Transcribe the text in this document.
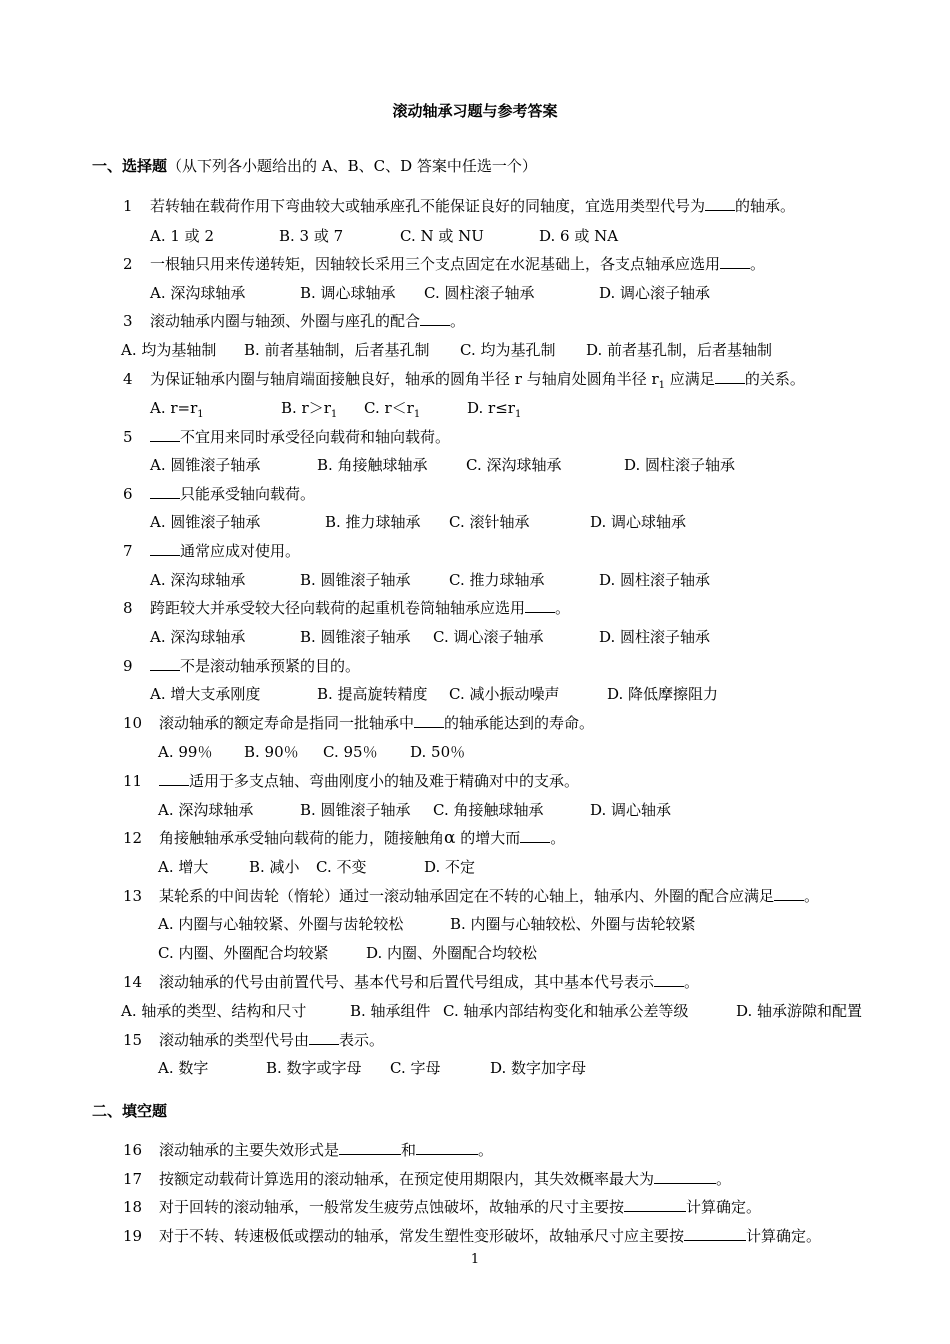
滚动轴承习题与参考答案
一、选择题（从下列各小题给出的 A、B、C、D 答案中任选一个）
1 若转轴在载荷作用下弯曲较大或轴承座孔不能保证良好的同轴度，宜选用类型代号为 的轴承。
A. 1 或 2	B. 3 或 7	C. N 或 NU	D. 6 或 NA
2 一根轴只用来传递转矩，因轴较长采用三个支点固定在水泥基础上，各支点轴承应选用 。
A. 深沟球轴承	B. 调心球轴承 C. 圆柱滚子轴承	D. 调心滚子轴承
3 滚动轴承内圈与轴颈、外圈与座孔的配合 。
A. 均为基轴制 B. 前者基轴制，后者基孔制 C. 均为基孔制 D. 前者基孔制，后者基轴制
4 为保证轴承内圈与轴肩端面接触良好，轴承的圆角半径 r 与轴肩处圆角半径 $r_1$ 应满足 的关系。
A. $r=r_1$	B. $r>r_1$ C. $r<r_1$	D. $r\le r_1$
5	不宜用来同时承受径向载荷和轴向载荷。
A. 圆锥滚子轴承	B. 角接触球轴承	C. 深沟球轴承	D. 圆柱滚子轴承
6	只能承受轴向载荷。
A. 圆锥滚子轴承	B. 推力球轴承 C. 滚针轴承	D. 调心球轴承
7	通常应成对使用。
A. 深沟球轴承	B. 圆锥滚子轴承	C. 推力球轴承	D. 圆柱滚子轴承
8 跨距较大并承受较大径向载荷的起重机卷筒轴轴承应选用 。
A. 深沟球轴承	B. 圆锥滚子轴承 C. 调心滚子轴承	D. 圆柱滚子轴承
9	不是滚动轴承预紧的目的。
A. 增大支承刚度	B. 提高旋转精度 C. 减小振动噪声	D. 降低摩擦阻力
10 滚动轴承的额定寿命是指同一批轴承中 的轴承能达到的寿命。
A. 99％ B. 90％ C. 95％ D. 50％
11	适用于多支点轴、弯曲刚度小的轴及难于精确对中的支承。
A. 深沟球轴承	B. 圆锥滚子轴承 C. 角接触球轴承	D. 调心轴承
12 角接触轴承承受轴向载荷的能力，随接触角α 的增大而 。
A. 增大	B. 减小 C. 不变	D. 不定
13 某轮系的中间齿轮（惰轮）通过一滚动轴承固定在不转的心轴上，轴承内、外圈的配合应满足 。
A. 内圈与心轴较紧、外圈与齿轮较松	B. 内圈与心轴较松、外圈与齿轮较紧
C. 内圈、外圈配合均较紧	D. 内圈、外圈配合均较松
14 滚动轴承的代号由前置代号、基本代号和后置代号组成，其中基本代号表示 。
A. 轴承的类型、结构和尺寸	B. 轴承组件 C. 轴承内部结构变化和轴承公差等级	D. 轴承游隙和配置
15 滚动轴承的类型代号由 表示。
A. 数字	B. 数字或字母 C. 字母	D. 数字加字母
二、填空题
16 滚动轴承的主要失效形式是	和	。
17 按额定动载荷计算选用的滚动轴承，在预定使用期限内，其失效概率最大为	。
18 对于回转的滚动轴承，一般常发生疲劳点蚀破坏，故轴承的尺寸主要按	计算确定。
19 对于不转、转速极低或摆动的轴承，常发生塑性变形破坏，故轴承尺寸应主要按	计算确定。
1
